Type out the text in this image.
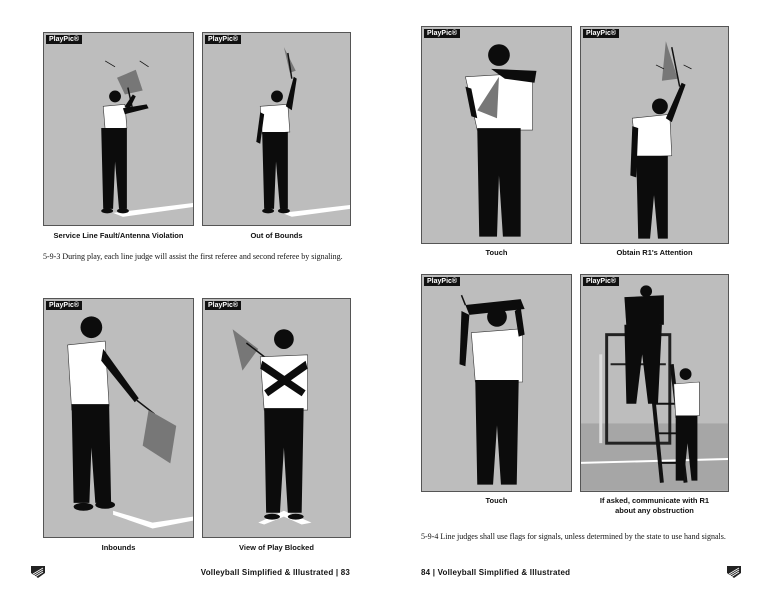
PlayPic®
Service Line Fault/Antenna Violation
PlayPic®
Out of Bounds
5-9-3 During play, each line judge will assist the first referee and second referee by signaling.
PlayPic®
Inbounds
PlayPic®
View of Play Blocked
Volleyball Simplified & Illustrated | 83
PlayPic®
Touch
PlayPic®
Obtain R1's Attention
PlayPic®
Touch
PlayPic®
If asked, communicate with R1
about any obstruction
5-9-4 Line judges shall use flags for signals, unless determined by the state to use hand signals.
84 | Volleyball Simplified & Illustrated
